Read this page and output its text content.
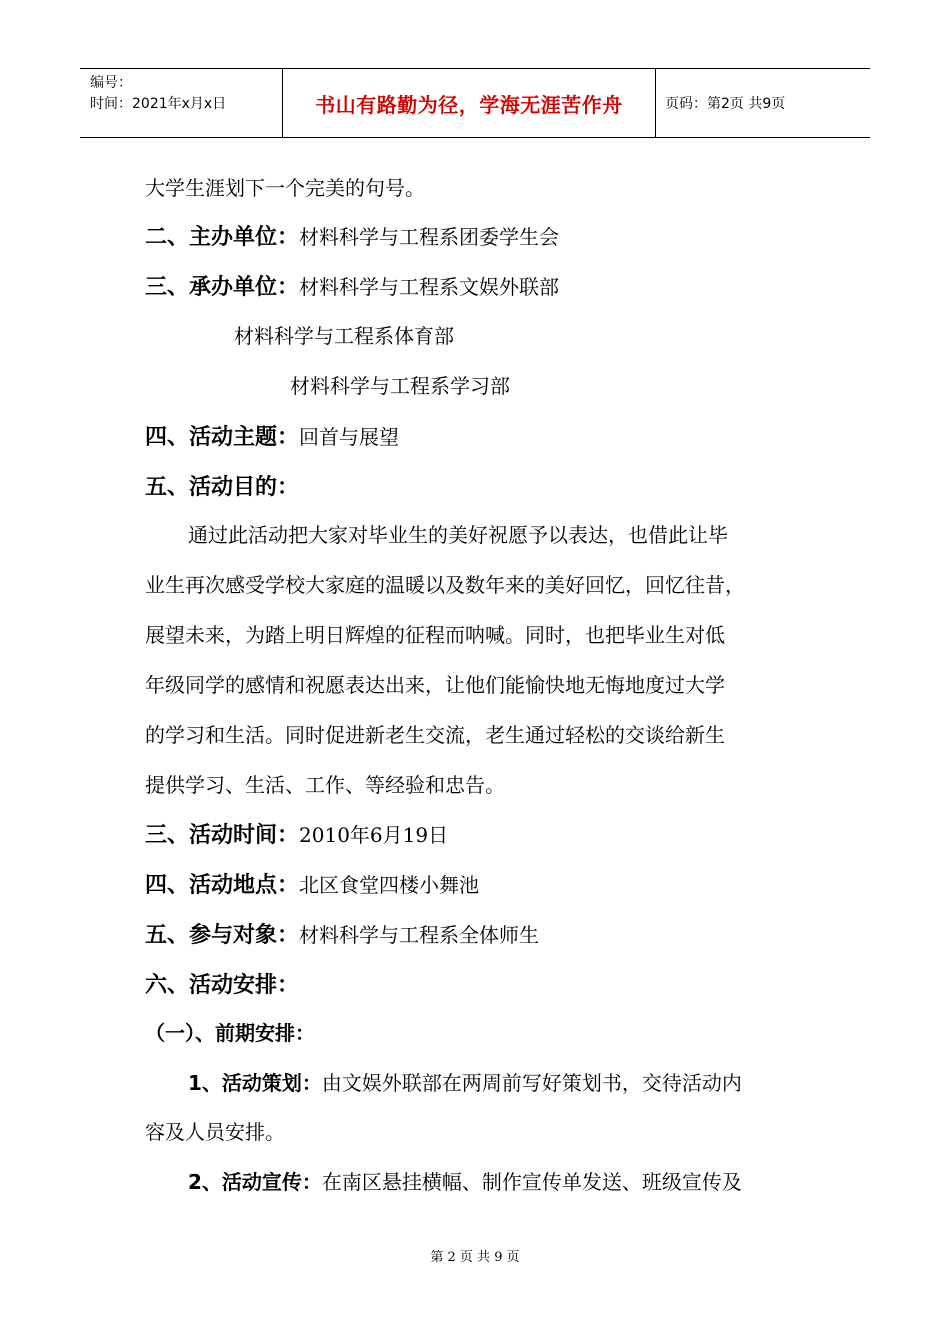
编号：
时间：2021年x月x日	书山有路勤为径，学海无涯苦作舟	页码：第2页 共9页
大学生涯划下一个完美的句号。
二、主办单位：材料科学与工程系团委学生会
三、承办单位：材料科学与工程系文娱外联部
材料科学与工程系体育部
材料科学与工程系学习部
四、活动主题：回首与展望
五、活动目的：
通过此活动把大家对毕业生的美好祝愿予以表达，也借此让毕
业生再次感受学校大家庭的温暖以及数年来的美好回忆，回忆往昔，
展望未来，为踏上明日辉煌的征程而呐喊。同时，也把毕业生对低
年级同学的感情和祝愿表达出来，让他们能愉快地无悔地度过大学
的学习和生活。同时促进新老生交流，老生通过轻松的交谈给新生
提供学习、生活、工作、等经验和忠告。
三、活动时间：2010年6月19日
四、活动地点：北区食堂四楼小舞池
五、参与对象：材料科学与工程系全体师生
六、活动安排：
（一）、前期安排：
1、活动策划：由文娱外联部在两周前写好策划书，交待活动内
容及人员安排。
2、活动宣传：在南区悬挂横幅、制作宣传单发送、班级宣传及
第 2 页 共 9 页
